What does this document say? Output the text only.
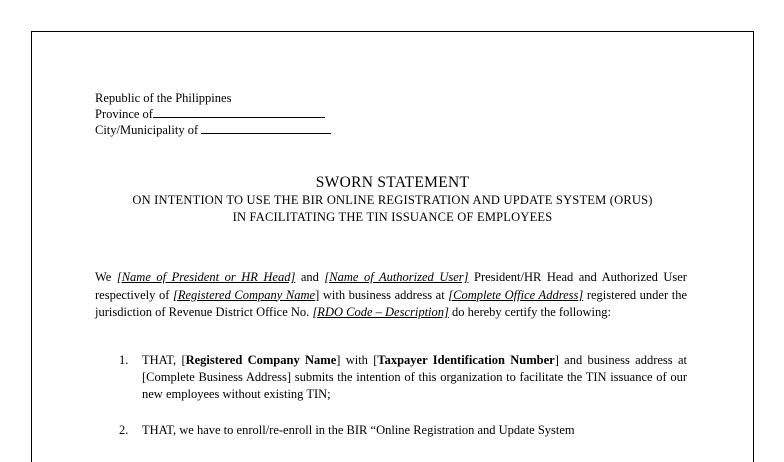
Republic of the Philippines
Province of
City/Municipality of
SWORN STATEMENT
ON INTENTION TO USE THE BIR ONLINE REGISTRATION AND UPDATE SYSTEM (ORUS)
IN FACILITATING THE TIN ISSUANCE OF EMPLOYEES
We [Name of President or HR Head] and [Name of Authorized User] President/HR Head and Authorized User respectively of [Registered Company Name] with business address at [Complete Office Address] registered under the jurisdiction of Revenue District Office No. [RDO Code – Description] do hereby certify the following:
1. THAT, [Registered Company Name] with [Taxpayer Identification Number] and business address at [Complete Business Address] submits the intention of this organization to facilitate the TIN issuance of our new employees without existing TIN;
2. THAT, we have to enroll/re-enroll in the BIR “Online Registration and Update System
